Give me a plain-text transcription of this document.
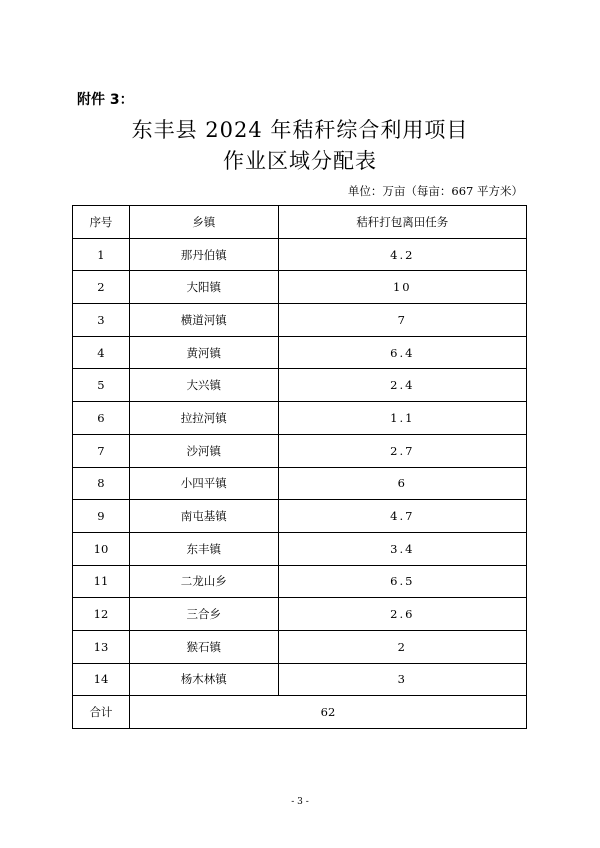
附件 3：
东丰县 2024 年秸秆综合利用项目
作业区域分配表
单位：万亩（每亩：667 平方米）
序号	乡镇	秸秆打包离田任务
1	那丹伯镇	4.2
2	大阳镇	10
3	横道河镇	7
4	黄河镇	6.4
5	大兴镇	2.4
6	拉拉河镇	1.1
7	沙河镇	2.7
8	小四平镇	6
9	南屯基镇	4.7
10	东丰镇	3.4
11	二龙山乡	6.5
12	三合乡	2.6
13	猴石镇	2
14	杨木林镇	3
合计	62	
- 3 -
